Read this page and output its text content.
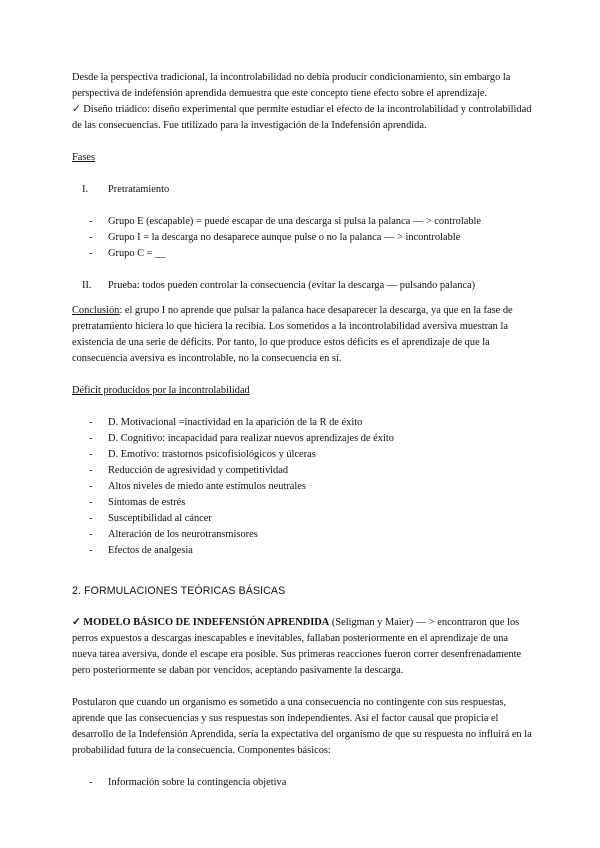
Desde la perspectiva tradicional, la incontrolabilidad no debía producir condicionamiento, sin embargo la perspectiva de indefensión aprendida demuestra que este concepto tiene efecto sobre el aprendizaje.

✓ Diseño triádico: diseño experimental que permite estudiar el efecto de la incontrolabilidad y controlabilidad de las consecuencias. Fue utilizado para la investigación de la Indefensión aprendida.

Fases

I.	Pretratamiento

- Grupo E (escapable) = puede escapar de una descarga si pulsa la palanca — > controlable
- Grupo I = la descarga no desaparece aunque pulse o no la palanca — > incontrolable
- Grupo C = __

II.	Prueba: todos pueden controlar la consecuencia (evitar la descarga — pulsando palanca)

Conclusión: el grupo I no aprende que pulsar la palanca hace desaparecer la descarga, ya que en la fase de pretratamiento hiciera lo que hiciera la recibía. Los sometidos a la incontrolabilidad aversiva muestran la existencia de una serie de déficits. Por tanto, lo que produce estos déficits es el aprendizaje de que la consecuencia aversiva es incontrolable, no la consecuencia en sí.

Déficit producidos por la incontrolabilidad

- D. Motivacional =inactividad en la aparición de la R de éxito
- D. Cognitivo: incapacidad para realizar nuevos aprendizajes de éxito
- D. Emotivo: trastornos psicofisiológicos y úlceras
- Reducción de agresividad y competitividad
- Altos niveles de miedo ante estímulos neutrales
- Síntomas de estrés
- Susceptibilidad al cáncer
- Alteración de los neurotransmisores
- Efectos de analgesia

2. FORMULACIONES TEÓRICAS BÁSICAS

✓ MODELO BÁSICO DE INDEFENSIÓN APRENDIDA (Seligman y Maier) — > encontraron que los perros expuestos a descargas inescapables e inevitables, fallaban posteriormente en el aprendizaje de una nueva tarea aversiva, donde el escape era posible. Sus primeras reacciones fueron correr desenfrenadamente pero posteriormente se daban por vencidos, aceptando pasivamente la descarga.

Postularon que cuando un organismo es sometido a una consecuencia no contingente con sus respuestas, aprende que las consecuencias y sus respuestas son independientes. Así el factor causal que propicia el desarrollo de la Indefensión Aprendida, sería la expectativa del organismo de que su respuesta no influirá en la probabilidad futura de la consecuencia. Componentes básicos:

- Información sobre la contingencia objetiva
